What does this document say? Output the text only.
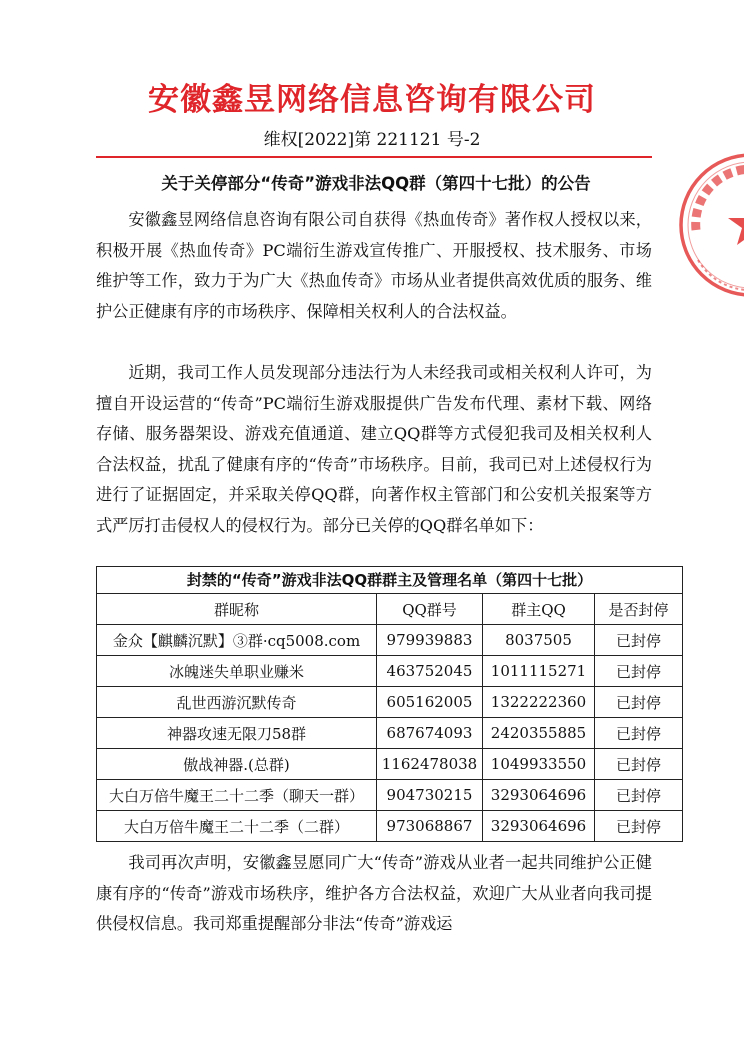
安徽鑫昱网络信息咨询有限公司
维权[2022]第 221121 号-2
关于关停部分“传奇”游戏非法QQ群（第四十七批）的公告

安徽鑫昱网络信息咨询有限公司自获得《热血传奇》著作权人授权以来，积极开展《热血传奇》PC端衍生游戏宣传推广、开服授权、技术服务、市场维护等工作，致力于为广大《热血传奇》市场从业者提供高效优质的服务、维护公正健康有序的市场秩序、保障相关权利人的合法权益。

近期，我司工作人员发现部分违法行为人未经我司或相关权利人许可，为擅自开设运营的“传奇”PC端衍生游戏服提供广告发布代理、素材下载、网络存储、服务器架设、游戏充值通道、建立QQ群等方式侵犯我司及相关权利人合法权益，扰乱了健康有序的“传奇”市场秩序。目前，我司已对上述侵权行为进行了证据固定，并采取关停QQ群，向著作权主管部门和公安机关报案等方式严厉打击侵权人的侵权行为。部分已关停的QQ群名单如下：

封禁的“传奇”游戏非法QQ群群主及管理名单（第四十七批）
群昵称	QQ群号	群主QQ	是否封停
金众【麒麟沉默】③群·cq5008.com	979939883	8037505	已封停
冰魄迷失单职业赚米	463752045	1011115271	已封停
乱世西游沉默传奇	605162005	1322222360	已封停
神器攻速无限刀58群	687674093	2420355885	已封停
傲战神器.(总群)	1162478038	1049933550	已封停
大白万倍牛魔王二十二季（聊天一群）	904730215	3293064696	已封停
大白万倍牛魔王二十二季（二群）	973068867	3293064696	已封停

我司再次声明，安徽鑫昱愿同广大“传奇”游戏从业者一起共同维护公正健康有序的“传奇”游戏市场秩序，维护各方合法权益，欢迎广大从业者向我司提供侵权信息。我司郑重提醒部分非法“传奇”游戏运
